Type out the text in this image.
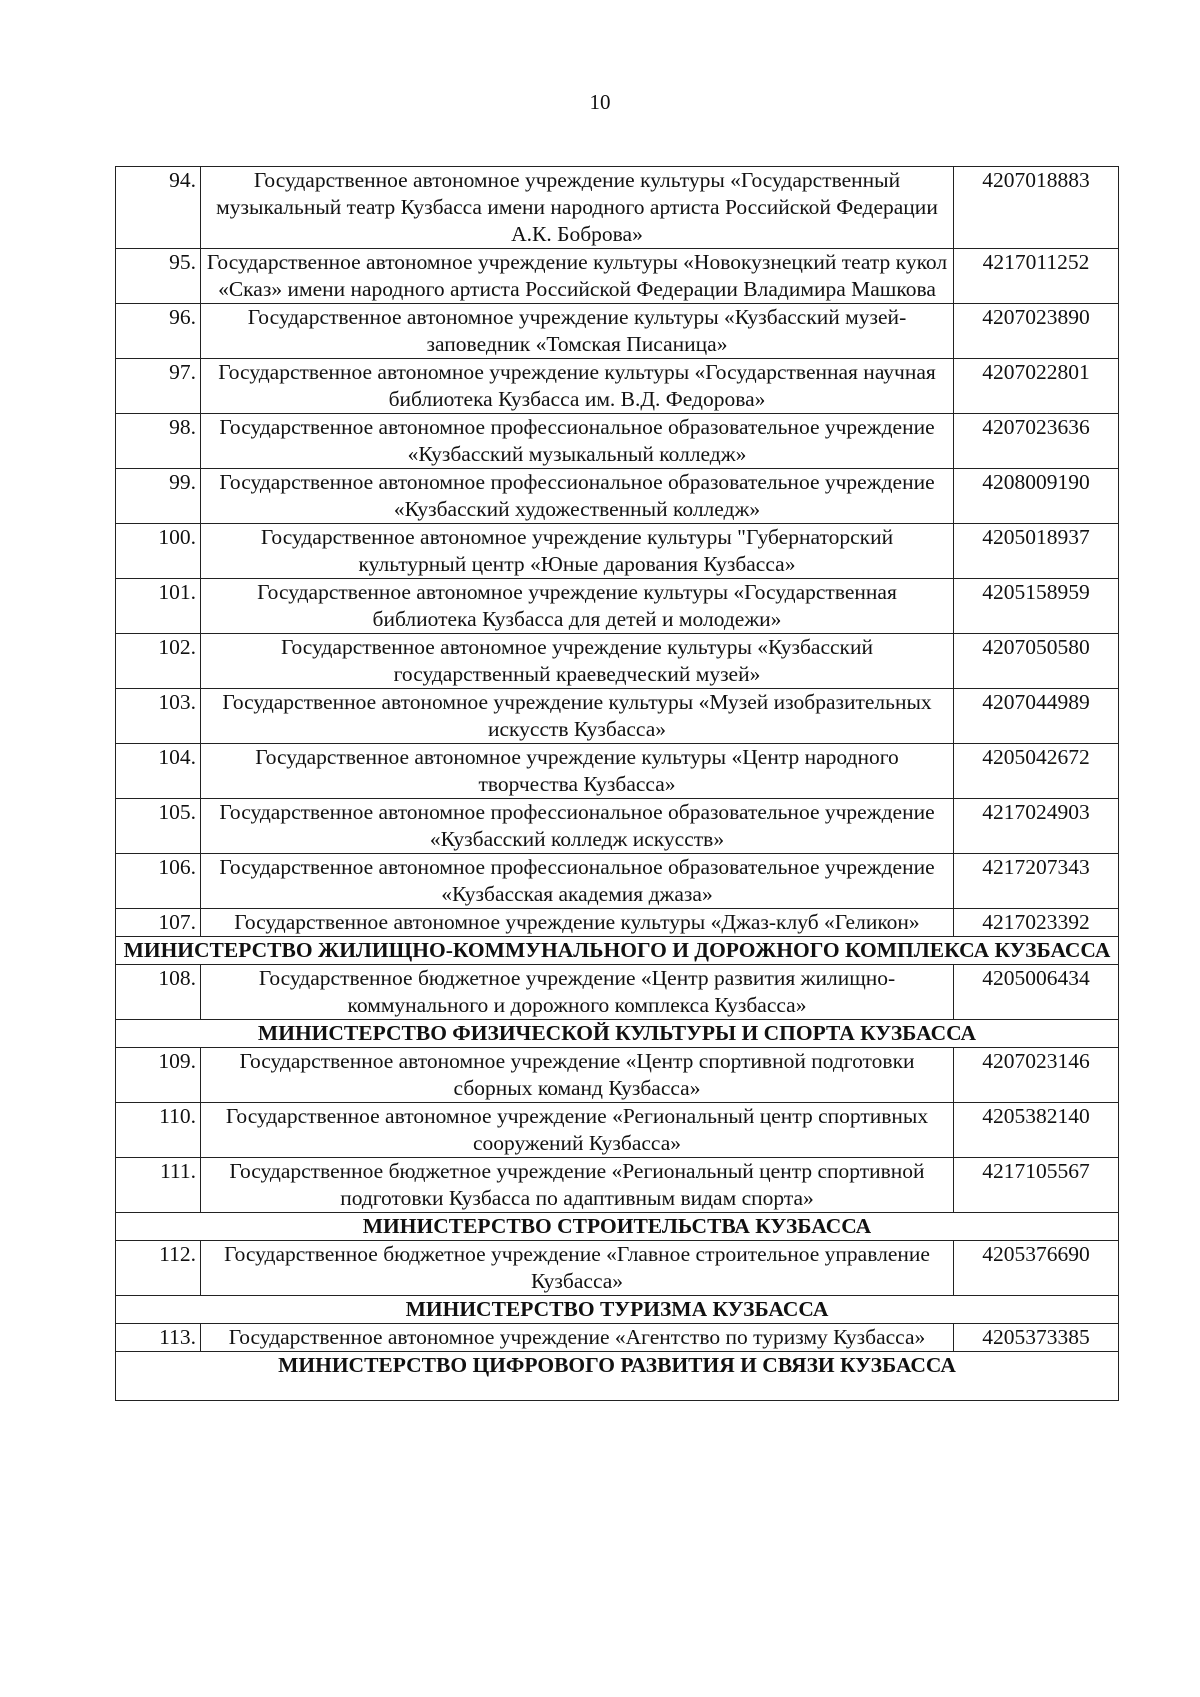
10
94.	Государственное автономное учреждение культуры «Государственный музыкальный театр Кузбасса имени народного артиста Российской Федерации А.К. Боброва»	4207018883
95.	Государственное автономное учреждение культуры «Новокузнецкий театр кукол «Сказ» имени народного артиста Российской Федерации Владимира Машкова	4217011252
96.	Государственное автономное учреждение культуры «Кузбасский музей-заповедник «Томская Писаница»	4207023890
97.	Государственное автономное учреждение культуры «Государственная научная библиотека Кузбасса им. В.Д. Федорова»	4207022801
98.	Государственное автономное профессиональное образовательное учреждение «Кузбасский музыкальный колледж»	4207023636
99.	Государственное автономное профессиональное образовательное учреждение «Кузбасский художественный колледж»	4208009190
100.	Государственное автономное учреждение культуры "Губернаторский культурный центр «Юные дарования Кузбасса»	4205018937
101.	Государственное автономное учреждение культуры «Государственная библиотека Кузбасса для детей и молодежи»	4205158959
102.	Государственное автономное учреждение культуры «Кузбасский государственный краеведческий музей»	4207050580
103.	Государственное автономное учреждение культуры «Музей изобразительных искусств Кузбасса»	4207044989
104.	Государственное автономное учреждение культуры «Центр народного творчества Кузбасса»	4205042672
105.	Государственное автономное профессиональное образовательное учреждение «Кузбасский колледж искусств»	4217024903
106.	Государственное автономное профессиональное образовательное учреждение «Кузбасская академия джаза»	4217207343
107.	Государственное автономное учреждение культуры «Джаз-клуб «Геликон»	4217023392
МИНИСТЕРСТВО ЖИЛИЩНО-КОММУНАЛЬНОГО И ДОРОЖНОГО КОМПЛЕКСА КУЗБАССА		
108.	Государственное бюджетное учреждение «Центр развития жилищно-коммунального и дорожного комплекса Кузбасса»	4205006434
МИНИСТЕРСТВО ФИЗИЧЕСКОЙ КУЛЬТУРЫ И СПОРТА КУЗБАССА		
109.	Государственное автономное учреждение «Центр спортивной подготовки сборных команд Кузбасса»	4207023146
110.	Государственное автономное учреждение «Региональный центр спортивных сооружений Кузбасса»	4205382140
111.	Государственное бюджетное учреждение «Региональный центр спортивной подготовки Кузбасса по адаптивным видам спорта»	4217105567
МИНИСТЕРСТВО СТРОИТЕЛЬСТВА КУЗБАССА		
112.	Государственное бюджетное учреждение «Главное строительное управление Кузбасса»	4205376690
МИНИСТЕРСТВО ТУРИЗМА КУЗБАССА		
113.	Государственное автономное учреждение «Агентство по туризму Кузбасса»	4205373385
МИНИСТЕРСТВО ЦИФРОВОГО РАЗВИТИЯ И СВЯЗИ КУЗБАССА		
